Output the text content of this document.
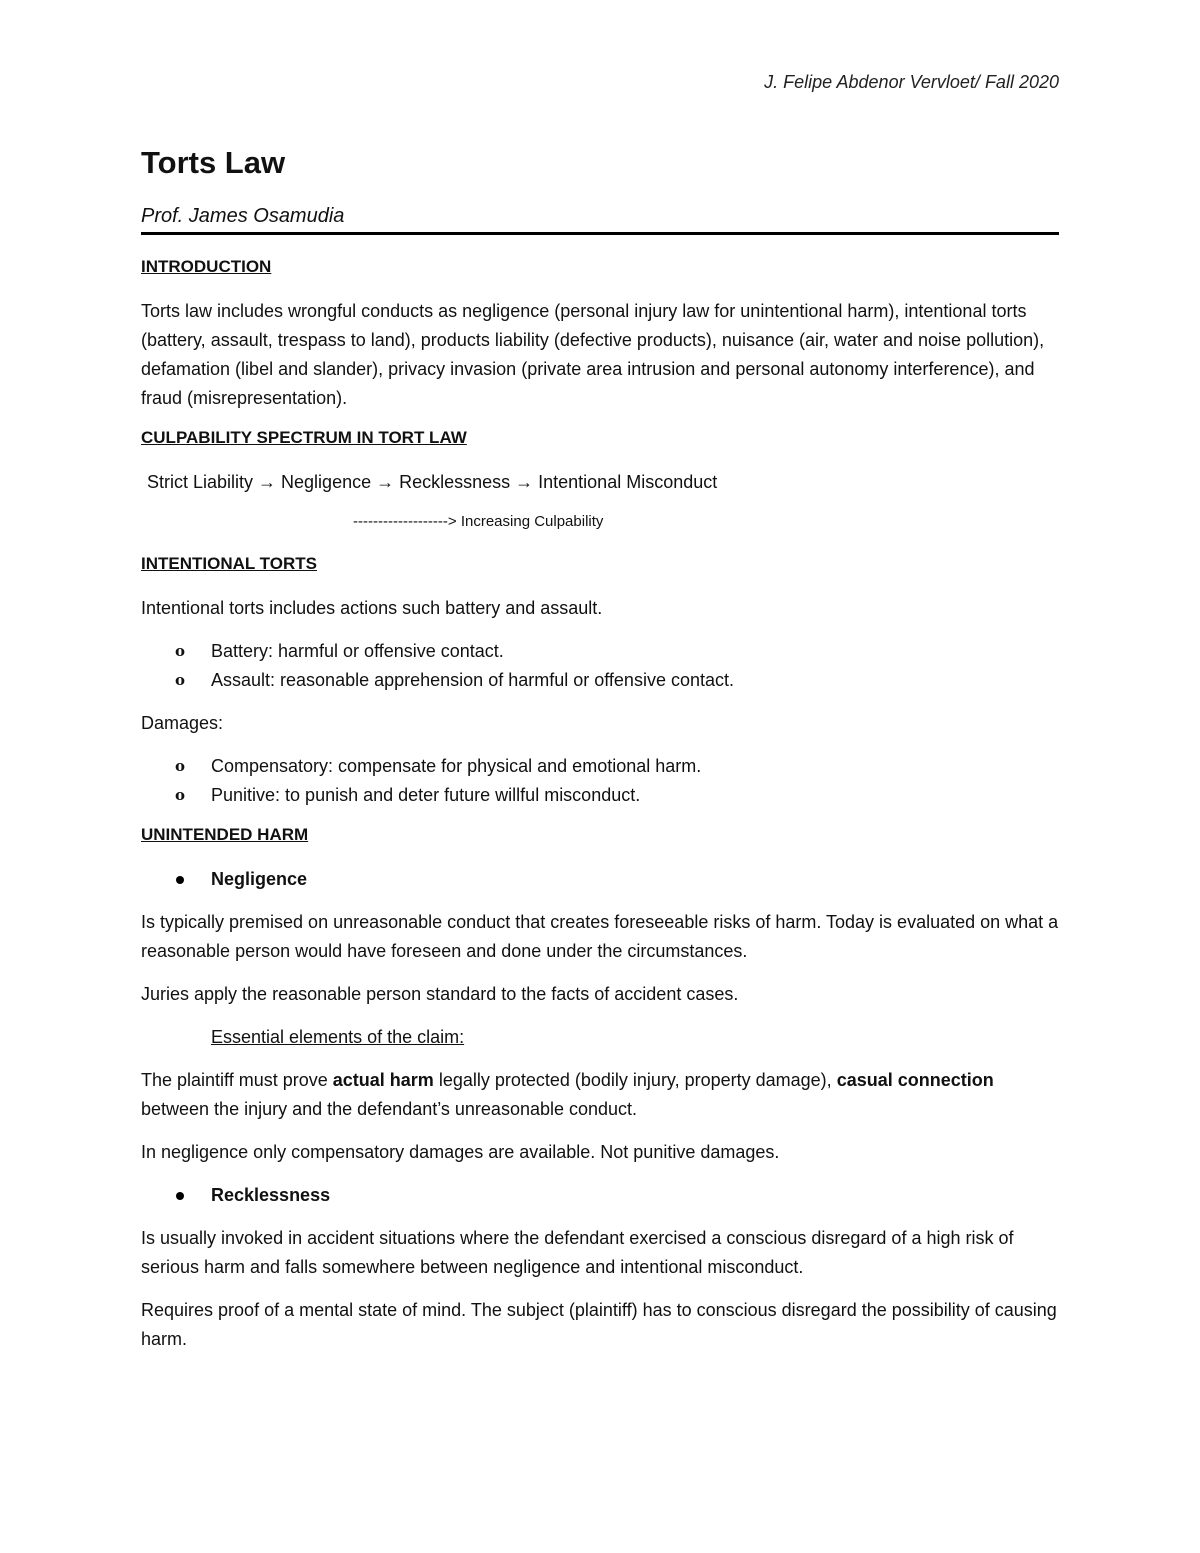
J. Felipe Abdenor Vervloet/ Fall 2020
Torts Law
Prof. James Osamudia
INTRODUCTION

Torts law includes wrongful conducts as negligence (personal injury law for unintentional harm), intentional torts (battery, assault, trespass to land), products liability (defective products), nuisance (air, water and noise pollution), defamation (libel and slander), privacy invasion (private area intrusion and personal autonomy interference), and fraud (misrepresentation).

CULPABILITY SPECTRUM IN TORT LAW
Strict Liability → Negligence → Recklessness → Intentional Misconduct
-------------------> Increasing Culpability
INTENTIONAL TORTS

Intentional torts includes actions such battery and assault.

o Battery: harmful or offensive contact.
o Assault: reasonable apprehension of harmful or offensive contact.

Damages:

o Compensatory: compensate for physical and emotional harm.
o Punitive: to punish and deter future willful misconduct.
UNINTENDED HARM
Negligence

Is typically premised on unreasonable conduct that creates foreseeable risks of harm. Today is evaluated on what a reasonable person would have foreseen and done under the circumstances.

Juries apply the reasonable person standard to the facts of accident cases.

Essential elements of the claim:

The plaintiff must prove actual harm legally protected (bodily injury, property damage), casual connection between the injury and the defendant’s unreasonable conduct.

In negligence only compensatory damages are available. Not punitive damages.

Recklessness

Is usually invoked in accident situations where the defendant exercised a conscious disregard of a high risk of serious harm and falls somewhere between negligence and intentional misconduct.

Requires proof of a mental state of mind. The subject (plaintiff) has to conscious disregard the possibility of causing harm.
